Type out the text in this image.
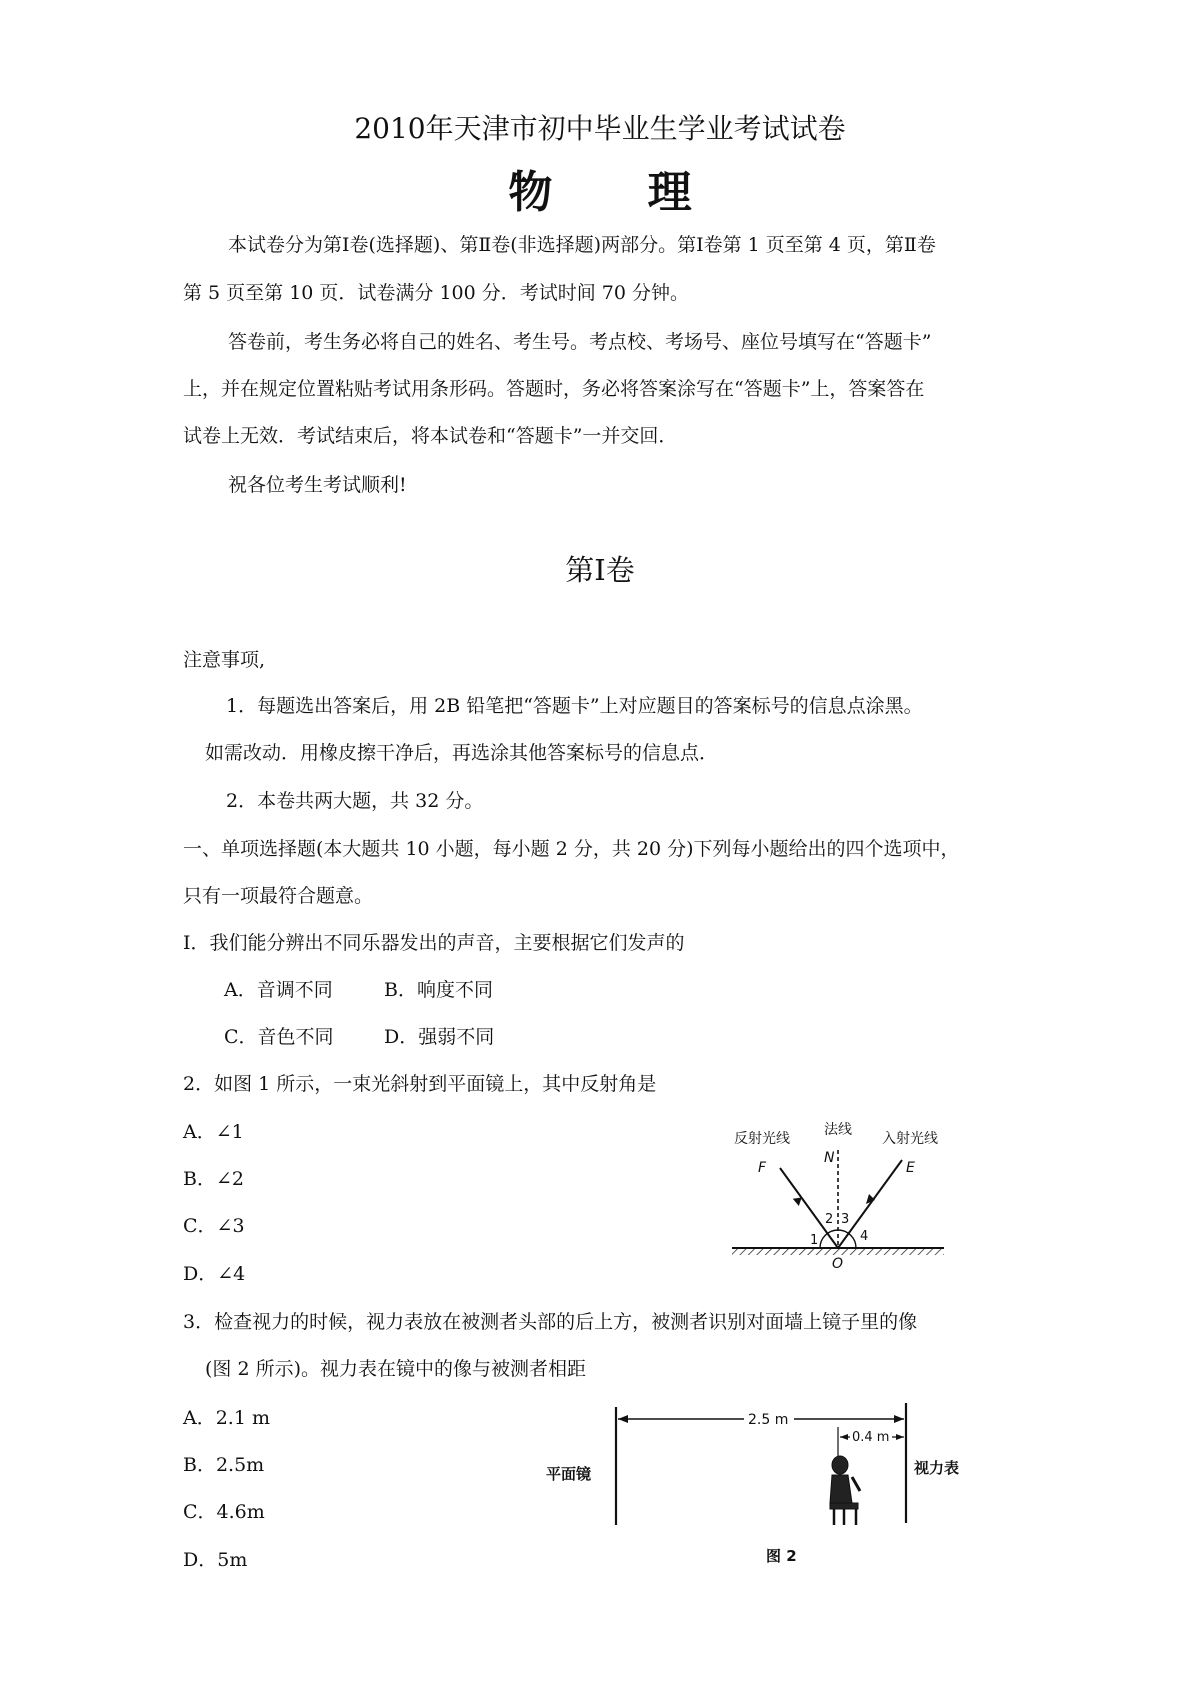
2010年天津市初中毕业生学业考试试卷
物 理
本试卷分为第Ⅰ卷(选择题)、第Ⅱ卷(非选择题)两部分。第Ⅰ卷第 1 页至第 4 页，第Ⅱ卷
第 5 页至第 10 页．试卷满分 100 分．考试时间 70 分钟。
答卷前，考生务必将自己的姓名、考生号。考点校、考场号、座位号填写在“答题卡”
上，并在规定位置粘贴考试用条形码。答题时，务必将答案涂写在“答题卡”上，答案答在
试卷上无效．考试结束后，将本试卷和“答题卡”一并交回．
祝各位考生考试顺利!
第Ⅰ卷
注意事项,
1．每题选出答案后，用 2B 铅笔把“答题卡”上对应题目的答案标号的信息点涂黑。
如需改动．用橡皮擦干净后，再选涂其他答案标号的信息点．
2．本卷共两大题，共 32 分。
一、单项选择题(本大题共 10 小题，每小题 2 分，共 20 分)下列每小题给出的四个选项中，
只有一项最符合题意。
I．我们能分辨出不同乐器发出的声音，主要根据它们发声的
A．音调不同	B．响度不同
C．音色不同	D．强弱不同
2．如图 1 所示，一束光斜射到平面镜上，其中反射角是
A．∠1
B．∠2
C．∠3
D．∠4
反射光线
法线
入射光线
F
N
E
O
1
2 3
4
3．检查视力的时候，视力表放在被测者头部的后上方，被测者识别对面墙上镜子里的像
(图 2 所示)。视力表在镜中的像与被测者相距
A．2.1 m
B．2.5m
C．4.6m
D．5m
2.5 m
0.4 m
平面镜	视力表
图 2
